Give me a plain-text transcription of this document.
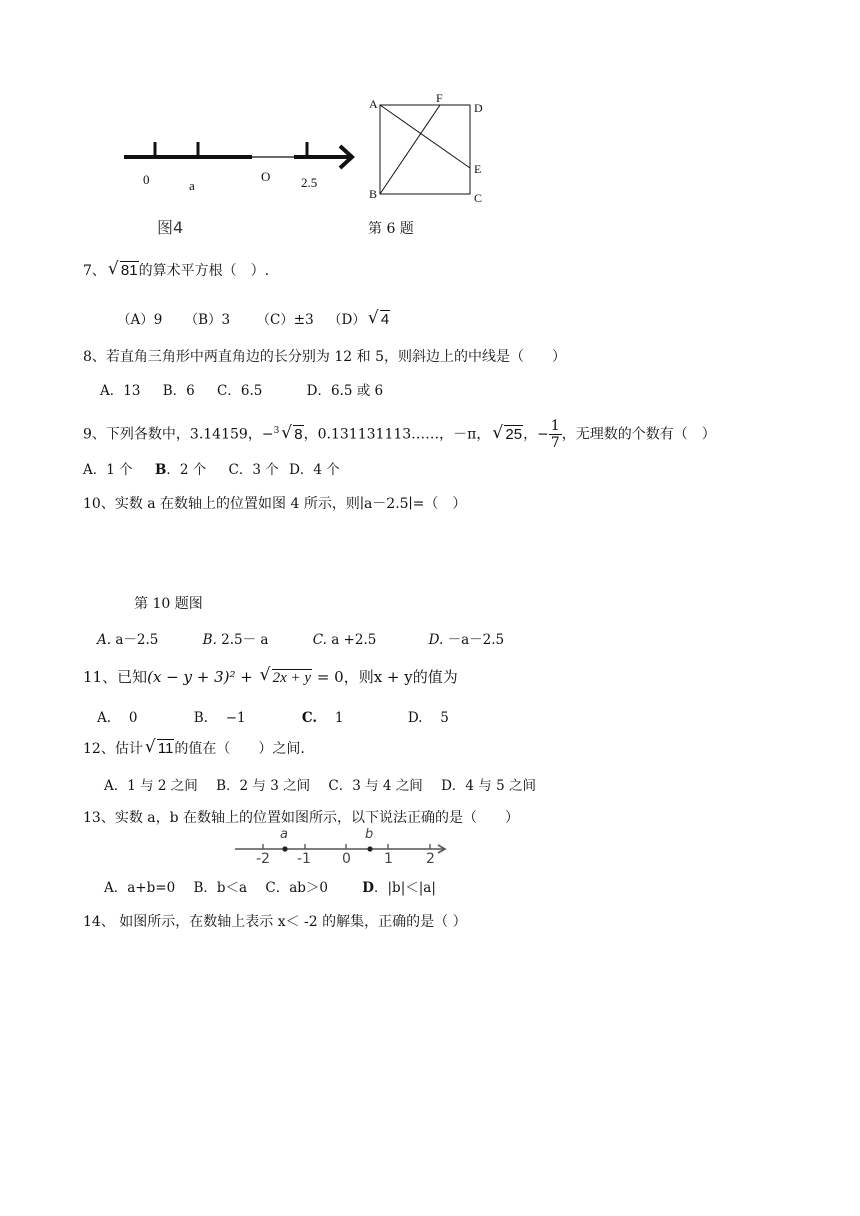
0	a
O 2.5
图4
A	F
D
E
B	C
第 6 题
7、 √ 81的算术平方根（　）.
（A）9 （B）3 （C）±3 （D） √ 4
8、若直角三角形中两直角边的长分别为 12 和 5，则斜边上的中线是（　　）
A．13 B．6 C．6.5	D．6.5 或 6
9、下列各数中，3.14159，−$^3$ √ 8，0.131131113……，－π， √ 25，− $\frac{1}{7}$ ，无理数的个数有（　）
A．1 个 B．2 个 C．3 个 D．4 个
10、实数 a 在数轴上的位置如图 4 所示，则∣a－2.5∣=（　）
第 10 题图
A. a－2.5	B. 2.5－ a	C. a +2.5	D. －a－2.5
11、已知(x − y + 3)² + √ 2x + y = 0，则x + y的值为
A.　 0	B.　 −1	C.　 1	D.　 5
12、估计 √ 11的值在（　　）之间.
A．1 与 2 之间 B．2 与 3 之间 C．3 与 4 之间 D．4 与 5 之间
13、实数 a，b 在数轴上的位置如图所示，以下说法正确的是（　　）
a	b
-2 -1 0 1 2
A．a+b=0 B．b＜a C．ab＞0	D．|b|＜|a|
14、 如图所示，在数轴上表示 x＜ -2 的解集，正确的是（ ）
